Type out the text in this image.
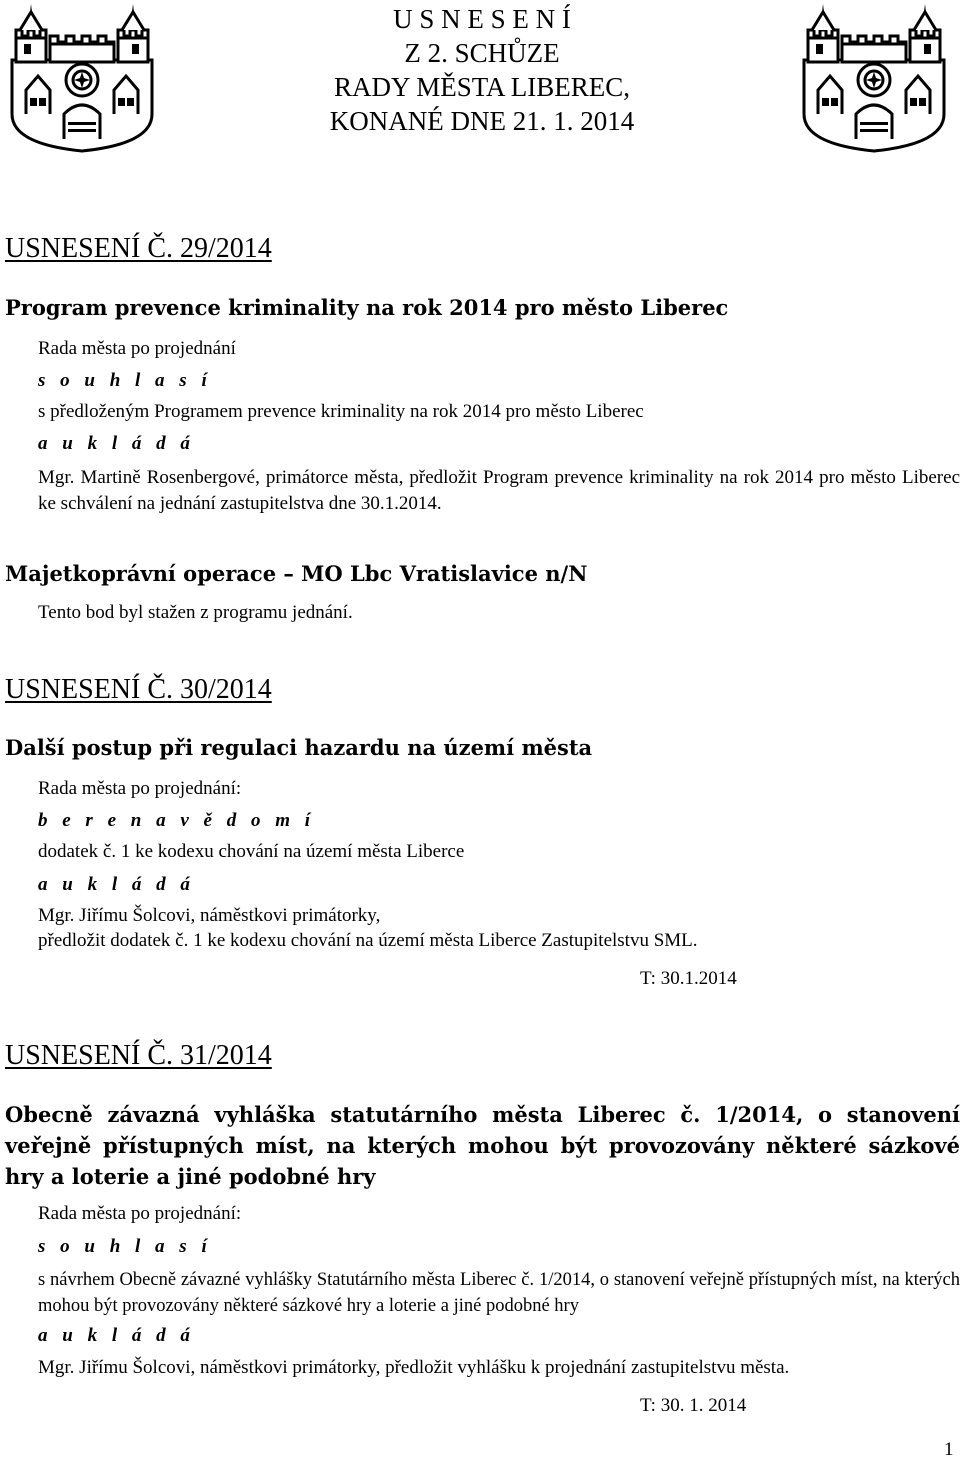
U S N E S E N Í
Z 2. SCHŮZE
RADY MĚSTA LIBEREC,
KONANÉ DNE 21. 1. 2014
USNESENÍ Č. 29/2014
Program prevence kriminality na rok 2014 pro město Liberec
Rada města po projednání
s o u h l a s í
s předloženým Programem prevence kriminality na rok 2014 pro město Liberec
a u k l á d á
Mgr. Martině Rosenbergové, primátorce města, předložit Program prevence kriminality na rok 2014 pro město Liberec ke schválení na jednání zastupitelstva dne 30.1.2014.
Majetkoprávní operace – MO Lbc Vratislavice n/N
Tento bod byl stažen z programu jednání.
USNESENÍ Č. 30/2014
Další postup při regulaci hazardu na území města
Rada města po projednání:
b e r e n a v ě d o m í
dodatek č. 1 ke kodexu chování na území města Liberce
a u k l á d á
Mgr. Jiřímu Šolcovi, náměstkovi primátorky,
předložit dodatek č. 1 ke kodexu chování na území města Liberce Zastupitelstvu SML.
T: 30.1.2014
USNESENÍ Č. 31/2014
Obecně závazná vyhláška statutárního města Liberec č. 1/2014, o stanovení veřejně přístupných míst, na kterých mohou být provozovány některé sázkové hry a loterie a jiné podobné hry
Rada města po projednání:
s o u h l a s í
s návrhem Obecně závazné vyhlášky Statutárního města Liberec č. 1/2014, o stanovení veřejně přístupných míst, na kterých mohou být provozovány některé sázkové hry a loterie a jiné podobné hry
a u k l á d á
Mgr. Jiřímu Šolcovi, náměstkovi primátorky, předložit vyhlášku k projednání zastupitelstvu města.
T: 30. 1. 2014
1
